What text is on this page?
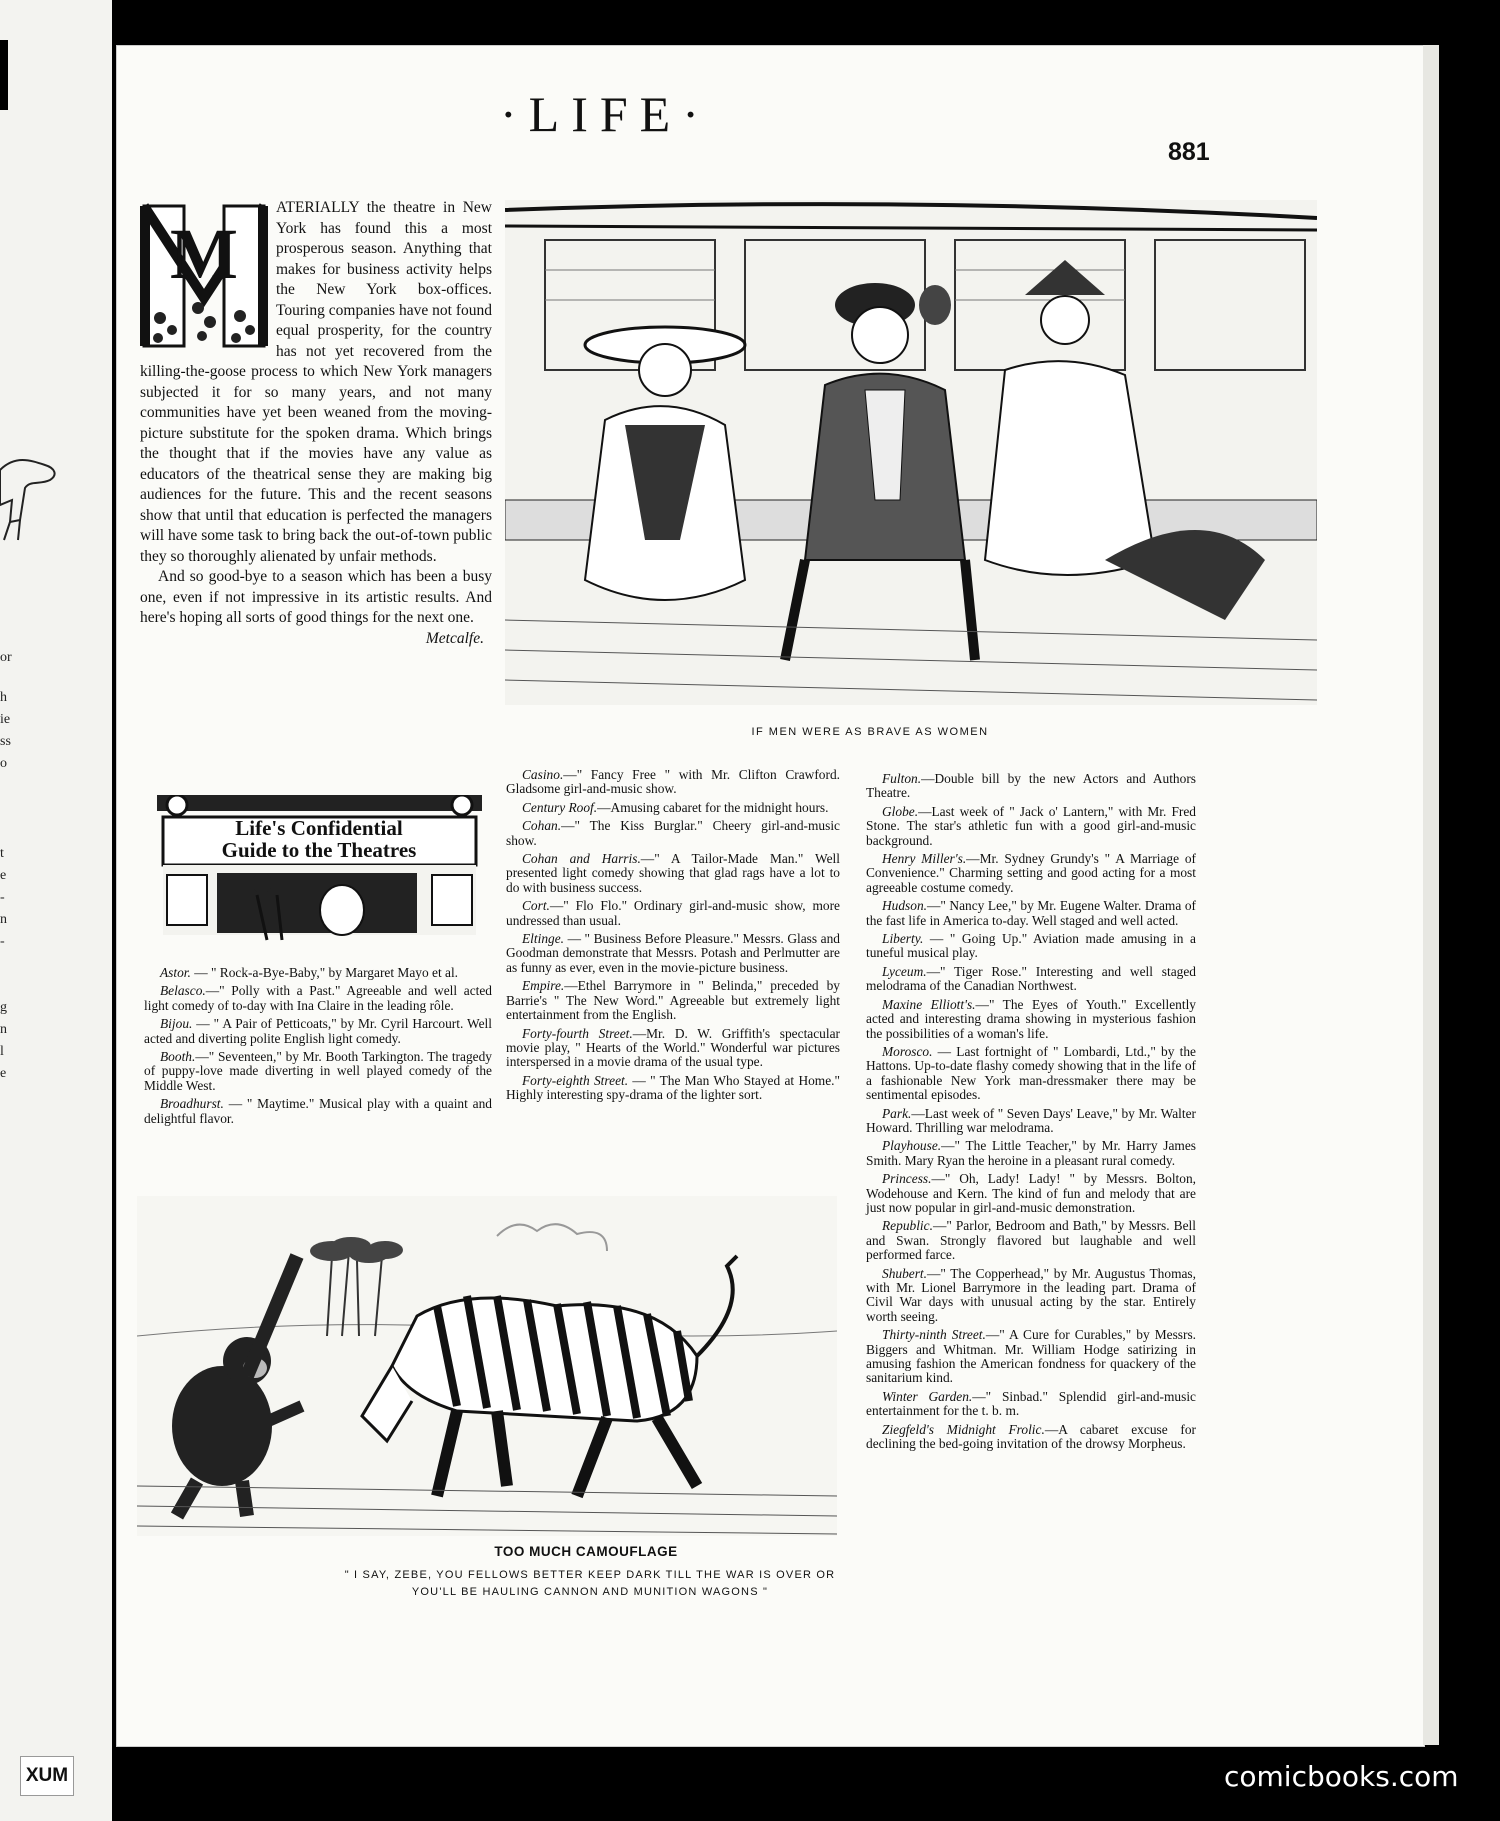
or
h
ie
ss
o
t
e
-
n
-
g
n
l
e
·LIFE·
881
M

ATERIALLY the theatre in New York has found this a most prosperous season. Anything that makes for business activity helps the New York box-offices. Touring companies have not found equal prosperity, for the country has not yet recovered from the killing-the-goose process to which New York managers subjected it for so many years, and not many communities have yet been weaned from the moving-picture substitute for the spoken drama. Which brings the thought that if the movies have any value as educators of the theatrical sense they are making big audiences for the future. This and the recent seasons show that until that education is perfected the managers will have some task to bring back the out-of-town public they so thoroughly alienated by unfair methods.

And so good-bye to a season which has been a busy one, even if not impressive in its artistic results. And here's hoping all sorts of good things for the next one.

Metcalfe.

IF MEN WERE AS BRAVE AS WOMEN
Life's Confidential
Guide to the Theatres

Astor. — " Rock-a-Bye-Baby," by Margaret Mayo et al.

Belasco.—" Polly with a Past." Agreeable and well acted light comedy of to-day with Ina Claire in the leading rôle.

Bijou. — " A Pair of Petticoats," by Mr. Cyril Harcourt. Well acted and diverting polite English light comedy.

Booth.—" Seventeen," by Mr. Booth Tarkington. The tragedy of puppy-love made diverting in well played comedy of the Middle West.

Broadhurst. — " Maytime." Musical play with a quaint and delightful flavor.

Casino.—" Fancy Free " with Mr. Clifton Crawford. Gladsome girl-and-music show.

Century Roof.—Amusing cabaret for the midnight hours.

Cohan.—" The Kiss Burglar." Cheery girl-and-music show.

Cohan and Harris.—" A Tailor-Made Man." Well presented light comedy showing that glad rags have a lot to do with business success.

Cort.—" Flo Flo." Ordinary girl-and-music show, more undressed than usual.

Eltinge. — " Business Before Pleasure." Messrs. Glass and Goodman demonstrate that Messrs. Potash and Perlmutter are as funny as ever, even in the movie-picture business.

Empire.—Ethel Barrymore in " Belinda," preceded by Barrie's " The New Word." Agreeable but extremely light entertainment from the English.

Forty-fourth Street.—Mr. D. W. Griffith's spectacular movie play, " Hearts of the World." Wonderful war pictures interspersed in a movie drama of the usual type.

Forty-eighth Street. — " The Man Who Stayed at Home." Highly interesting spy-drama of the lighter sort.

Fulton.—Double bill by the new Actors and Authors Theatre.

Globe.—Last week of " Jack o' Lantern," with Mr. Fred Stone. The star's athletic fun with a good girl-and-music background.

Henry Miller's.—Mr. Sydney Grundy's " A Marriage of Convenience." Charming setting and good acting for a most agreeable costume comedy.

Hudson.—" Nancy Lee," by Mr. Eugene Walter. Drama of the fast life in America to-day. Well staged and well acted.

Liberty. — " Going Up." Aviation made amusing in a tuneful musical play.

Lyceum.—" Tiger Rose." Interesting and well staged melodrama of the Canadian Northwest.

Maxine Elliott's.—" The Eyes of Youth." Excellently acted and interesting drama showing in mysterious fashion the possibilities of a woman's life.

Morosco. — Last fortnight of " Lombardi, Ltd.," by the Hattons. Up-to-date flashy comedy showing that in the life of a fashionable New York man-dressmaker there may be sentimental episodes.

Park.—Last week of " Seven Days' Leave," by Mr. Walter Howard. Thrilling war melodrama.

Playhouse.—" The Little Teacher," by Mr. Harry James Smith. Mary Ryan the heroine in a pleasant rural comedy.

Princess.—" Oh, Lady! Lady! " by Messrs. Bolton, Wodehouse and Kern. The kind of fun and melody that are just now popular in girl-and-music demonstration.

Republic.—" Parlor, Bedroom and Bath," by Messrs. Bell and Swan. Strongly flavored but laughable and well performed farce.

Shubert.—" The Copperhead," by Mr. Augustus Thomas, with Mr. Lionel Barrymore in the leading part. Drama of Civil War days with unusual acting by the star. Entirely worth seeing.

Thirty-ninth Street.—" A Cure for Curables," by Messrs. Biggers and Whitman. Mr. William Hodge satirizing in amusing fashion the American fondness for quackery of the sanitarium kind.

Winter Garden.—" Sinbad." Splendid girl-and-music entertainment for the t. b. m.

Ziegfeld's Midnight Frolic.—A cabaret excuse for declining the bed-going invitation of the drowsy Morpheus.

TOO MUCH CAMOUFLAGE
" I SAY, ZEBE, YOU FELLOWS BETTER KEEP DARK TILL THE WAR IS OVER OR
YOU'LL BE HAULING CANNON AND MUNITION WAGONS "
XUM	comicbooks.com
